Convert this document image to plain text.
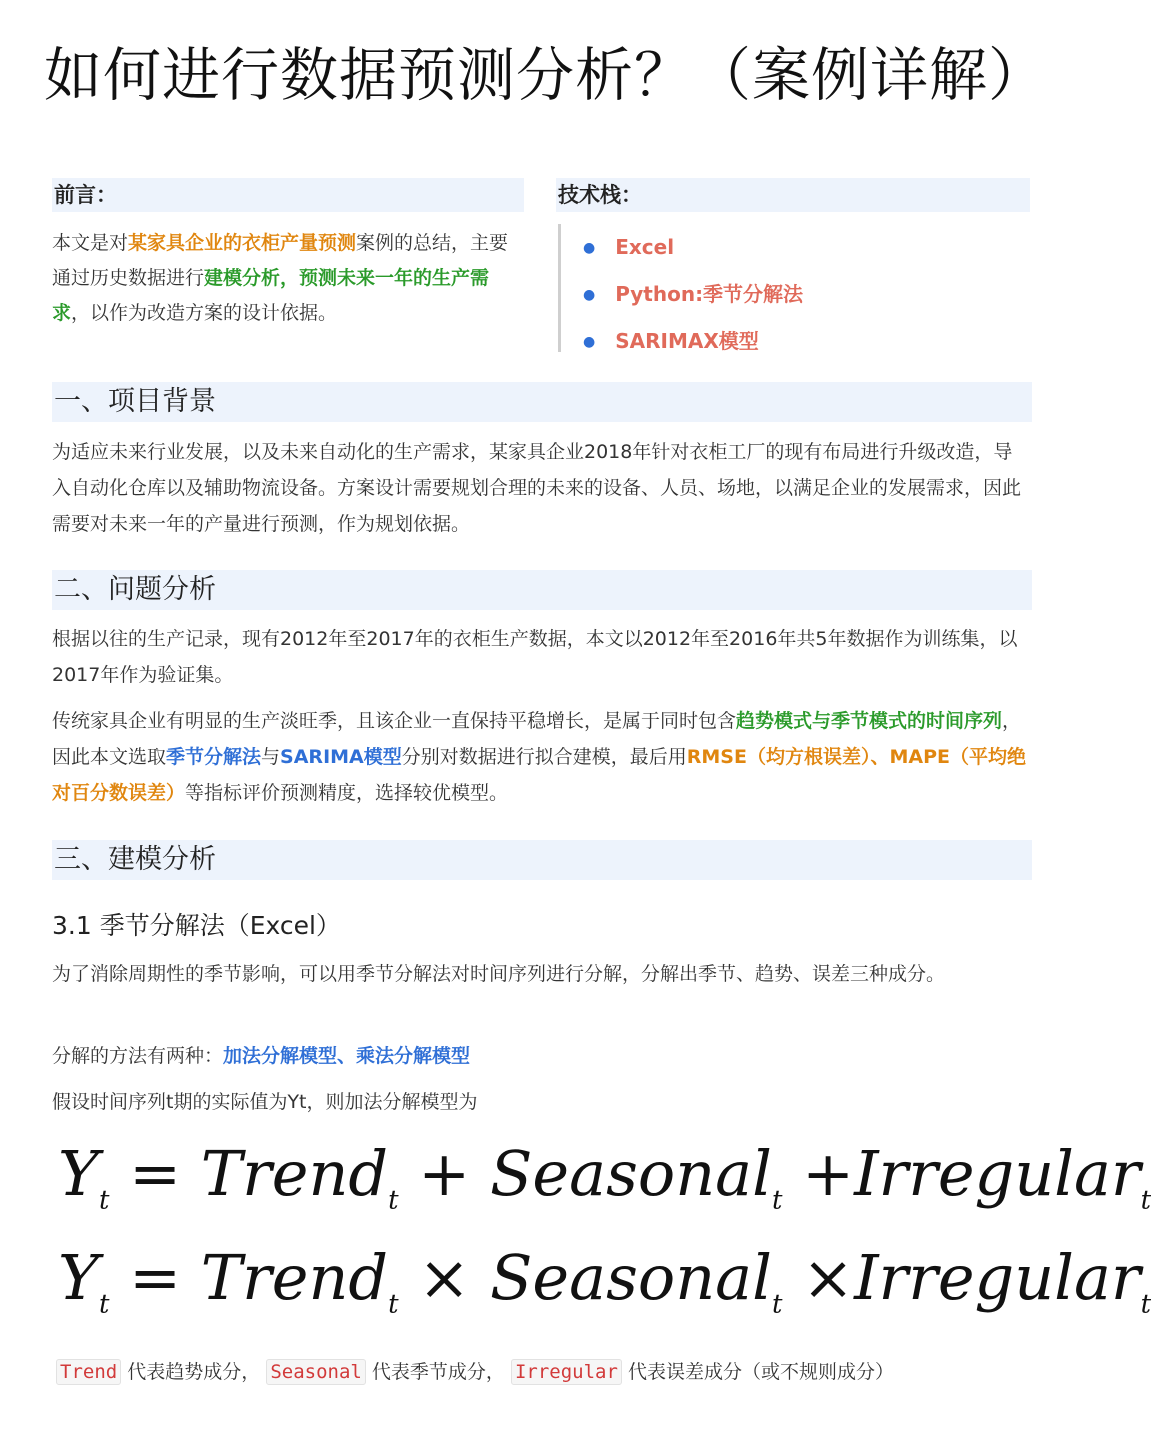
如何进行数据预测分析？（案例详解）
前言：

本文是对某家具企业的衣柜产量预测案例的总结，主要通过历史数据进行建模分析，预测未来一年的生产需求，以作为改造方案的设计依据。

技术栈：
● Excel
● Python:季节分解法
● SARIMAX模型
一、项目背景

为适应未来行业发展，以及未来自动化的生产需求，某家具企业2018年针对衣柜工厂的现有布局进行升级改造，导入自动化仓库以及辅助物流设备。方案设计需要规划合理的未来的设备、人员、场地，以满足企业的发展需求，因此需要对未来一年的产量进行预测，作为规划依据。

二、问题分析

根据以往的生产记录，现有2012年至2017年的衣柜生产数据，本文以2012年至2016年共5年数据作为训练集，以2017年作为验证集。

传统家具企业有明显的生产淡旺季，且该企业一直保持平稳增长，是属于同时包含趋势模式与季节模式的时间序列，因此本文选取季节分解法与SARIMA模型分别对数据进行拟合建模，最后用RMSE（均方根误差）、MAPE（平均绝对百分数误差）等指标评价预测精度，选择较优模型。

三、建模分析
3.1 季节分解法（Excel）

为了消除周期性的季节影响，可以用季节分解法对时间序列进行分解，分解出季节、趋势、误差三种成分。

分解的方法有两种：加法分解模型、乘法分解模型

假设时间序列t期的实际值为Yt，则加法分解模型为

$Y_t$ = Trend$_t$ + Seasonal$_t$ +Irregular$_t$
$Y_t$ = Trend$_t$ × Seasonal$_t$ ×Irregular$_t$
Trend 代表趋势成分， Seasonal 代表季节成分， Irregular 代表误差成分（或不规则成分）
